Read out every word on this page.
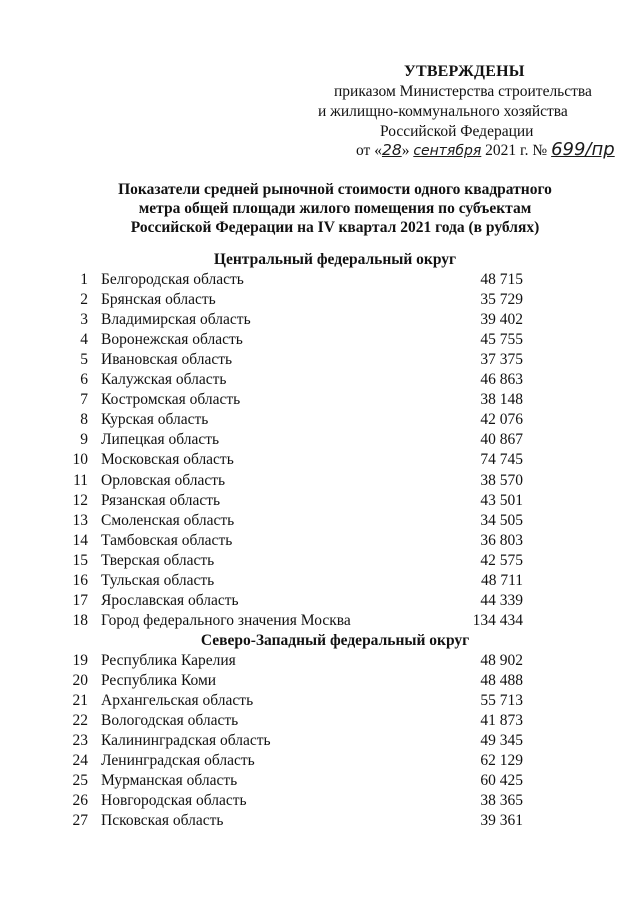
УТВЕРЖДЕНЫ
приказом Министерства строительства
и жилищно-коммунального хозяйства
Российской Федерации
от «28» сентября 2021 г. № 699/пр
Показатели средней рыночной стоимости одного квадратного
метра общей площади жилого помещения по субъектам
Российской Федерации на IV квартал 2021 года (в рублях)
Центральный федеральный округ
1 Белгородская область	48 715
2 Брянская область	35 729
3 Владимирская область	39 402
4 Воронежская область	45 755
5 Ивановская область	37 375
6 Калужская область	46 863
7 Костромская область	38 148
8 Курская область	42 076
9 Липецкая область	40 867
10 Московская область	74 745
11 Орловская область	38 570
12 Рязанская область	43 501
13 Смоленская область	34 505
14 Тамбовская область	36 803
15 Тверская область	42 575
16 Тульская область	48 711
17 Ярославская область	44 339
18 Город федерального значения Москва	134 434
Северо-Западный федеральный округ
19 Республика Карелия	48 902
20 Республика Коми	48 488
21 Архангельская область	55 713
22 Вологодская область	41 873
23 Калининградская область	49 345
24 Ленинградская область	62 129
25 Мурманская область	60 425
26 Новгородская область	38 365
27 Псковская область	39 361
